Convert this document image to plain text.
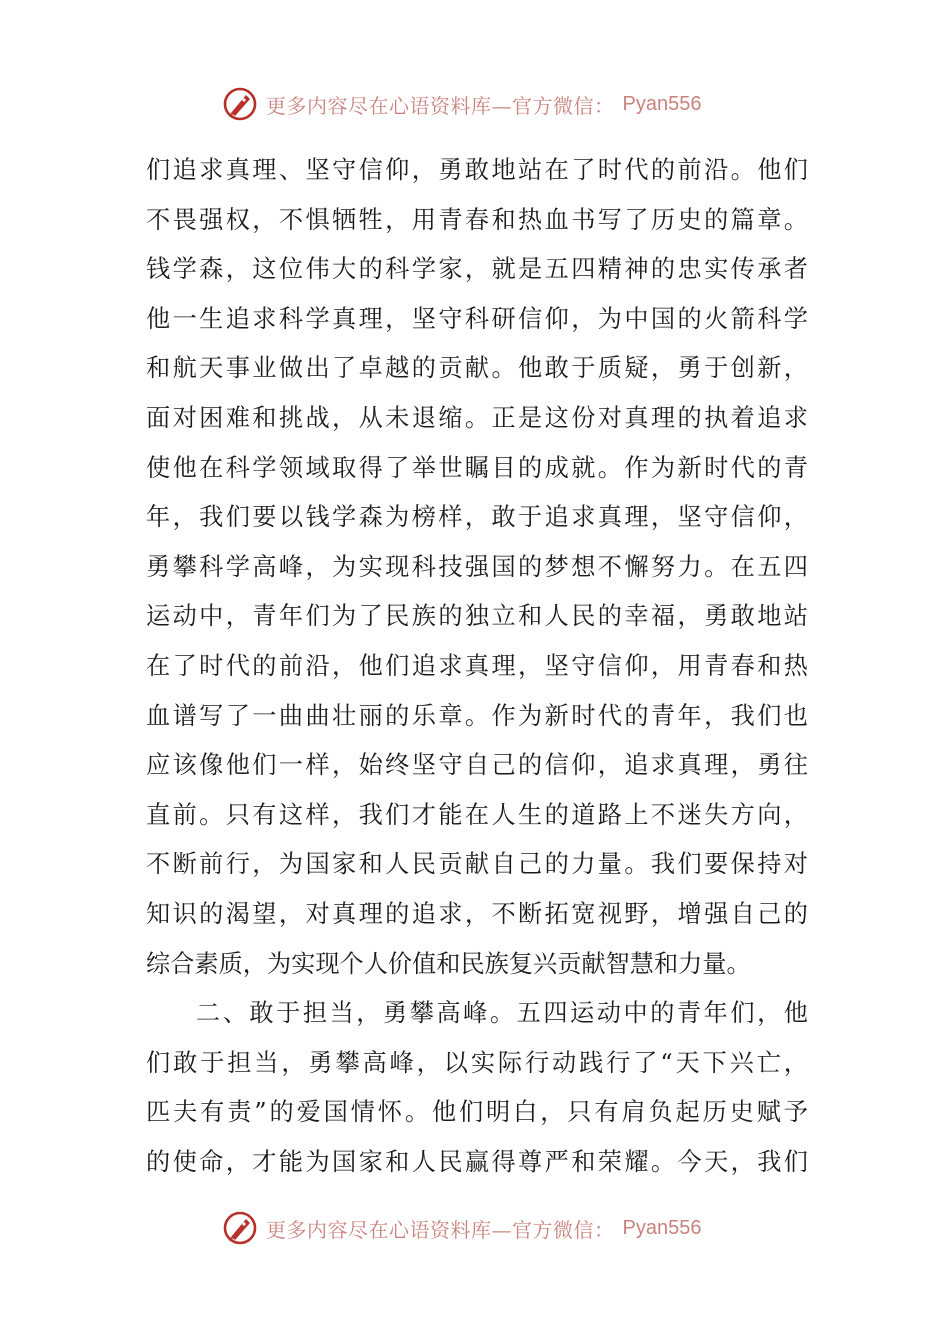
更多内容尽在心语资料库—官方微信： Pyan556
们追求真理、坚守信仰，勇敢地站在了时代的前沿。他们
不畏强权，不惧牺牲，用青春和热血书写了历史的篇章。
钱学森，这位伟大的科学家，就是五四精神的忠实传承者
他一生追求科学真理，坚守科研信仰，为中国的火箭科学
和航天事业做出了卓越的贡献。他敢于质疑，勇于创新，
面对困难和挑战，从未退缩。正是这份对真理的执着追求
使他在科学领域取得了举世瞩目的成就。作为新时代的青
年，我们要以钱学森为榜样，敢于追求真理，坚守信仰，
勇攀科学高峰，为实现科技强国的梦想不懈努力。在五四
运动中，青年们为了民族的独立和人民的幸福，勇敢地站
在了时代的前沿，他们追求真理，坚守信仰，用青春和热
血谱写了一曲曲壮丽的乐章。作为新时代的青年，我们也
应该像他们一样，始终坚守自己的信仰，追求真理，勇往
直前。只有这样，我们才能在人生的道路上不迷失方向，
不断前行，为国家和人民贡献自己的力量。我们要保持对
知识的渴望，对真理的追求，不断拓宽视野，增强自己的
综合素质，为实现个人价值和民族复兴贡献智慧和力量。
二、敢于担当，勇攀高峰。五四运动中的青年们，他
们敢于担当，勇攀高峰，以实际行动践行了“天下兴亡，
匹夫有责”的爱国情怀。他们明白，只有肩负起历史赋予
的使命，才能为国家和人民赢得尊严和荣耀。今天，我们
更多内容尽在心语资料库—官方微信： Pyan556
